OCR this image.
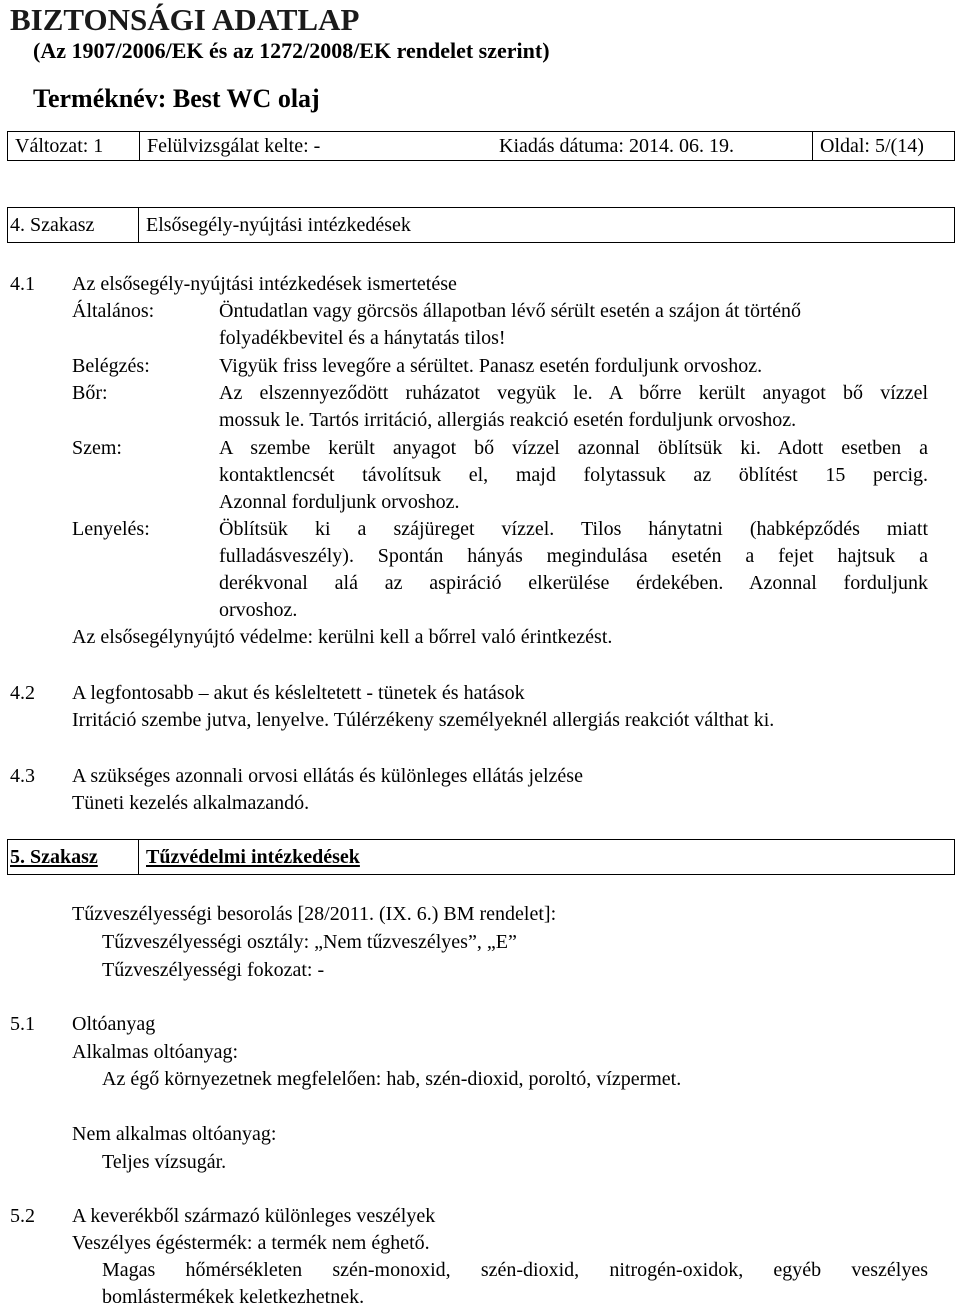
BIZTONSÁGI ADATLAP
(Az 1907/2006/EK és az 1272/2008/EK rendelet szerint)
Terméknév: Best WC olaj
Változat: 1 Felülvizsgálat kelte: -	Kiadás dátuma: 2014. 06. 19.	Oldal: 5/(14)
4. Szakasz	Elsősegély-nyújtási intézkedések
4.1 Az elsősegély-nyújtási intézkedések ismertetése
Általános:	Öntudatlan vagy görcsös állapotban lévő sérült esetén a szájon át történő
folyadékbevitel és a hánytatás tilos!
Belégzés:	Vigyük friss levegőre a sérültet. Panasz esetén forduljunk orvoshoz.
Bőr:	Az elszennyeződött ruházatot vegyük le. A bőrre került anyagot bő vízzel
mossuk le. Tartós irritáció, allergiás reakció esetén forduljunk orvoshoz.
Szem:	A szembe került anyagot bő vízzel azonnal öblítsük ki. Adott esetben a
kontaktlencsét távolítsuk el, majd folytassuk az öblítést 15 percig.
Azonnal forduljunk orvoshoz.
Lenyelés:	Öblítsük ki a szájüreget vízzel. Tilos hánytatni (habképződés miatt
fulladásveszély). Spontán hányás megindulása esetén a fejet hajtsuk a
derékvonal alá az aspiráció elkerülése érdekében. Azonnal forduljunk
orvoshoz.
Az elsősegélynyújtó védelme: kerülni kell a bőrrel való érintkezést.
4.2 A legfontosabb – akut és késleltetett - tünetek és hatások
Irritáció szembe jutva, lenyelve. Túlérzékeny személyeknél allergiás reakciót válthat ki.
4.3 A szükséges azonnali orvosi ellátás és különleges ellátás jelzése
Tüneti kezelés alkalmazandó.
5. Szakasz Tűzvédelmi intézkedések
Tűzveszélyességi besorolás [28/2011. (IX. 6.) BM rendelet]:
Tűzveszélyességi osztály: „Nem tűzveszélyes”, „E”
Tűzveszélyességi fokozat: -
5.1 Oltóanyag
Alkalmas oltóanyag:
Az égő környezetnek megfelelően: hab, szén-dioxid, poroltó, vízpermet.
Nem alkalmas oltóanyag:
Teljes vízsugár.
5.2 A keverékből származó különleges veszélyek
Veszélyes égéstermék: a termék nem éghető.
Magas hőmérsékleten szén-monoxid, szén-dioxid, nitrogén-oxidok, egyéb veszélyes
bomlástermékek keletkezhetnek.
